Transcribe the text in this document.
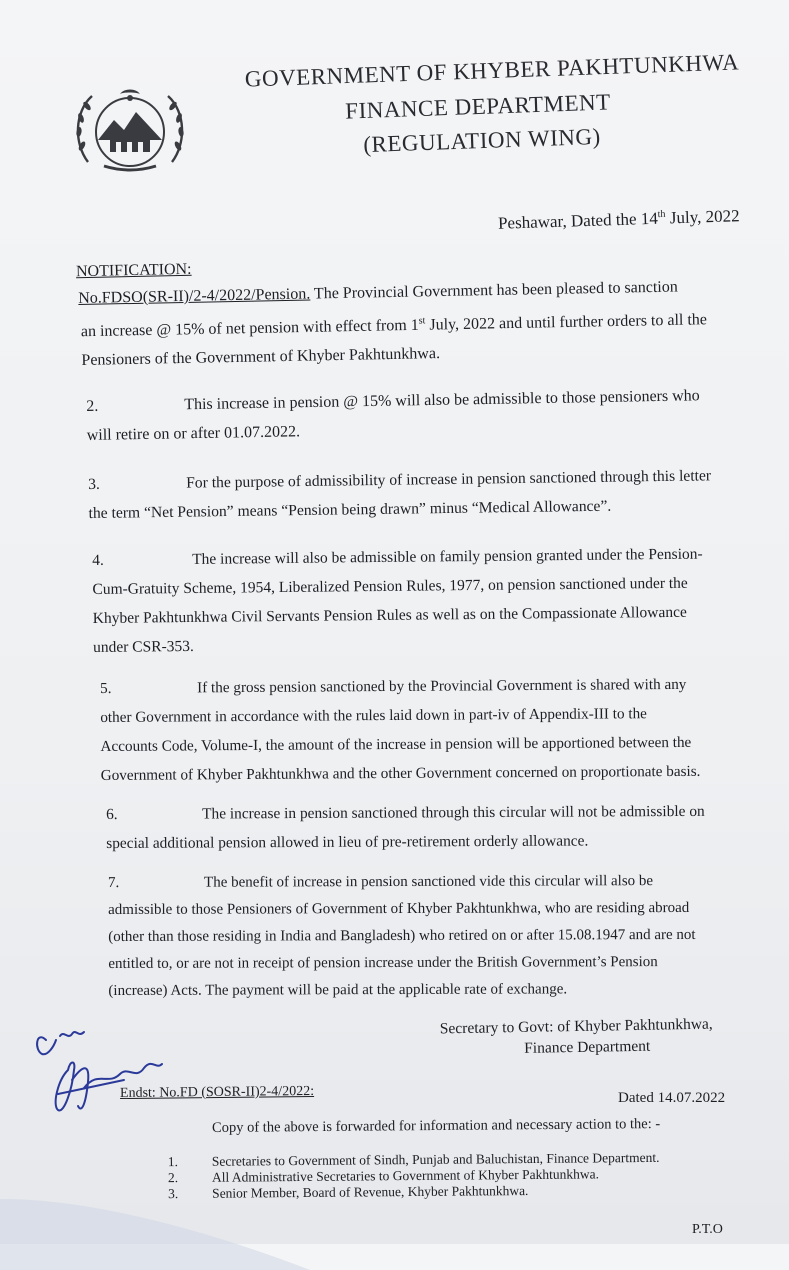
GOVERNMENT OF KHYBER PAKHTUNKHWA
FINANCE DEPARTMENT
(REGULATION WING)
Peshawar, Dated the 14th July, 2022
NOTIFICATION:
No.FDSO(SR-II)/2-4/2022/Pension. The Provincial Government has been pleased to sanction
an increase @ 15% of net pension with effect from 1st July, 2022 and until further orders to all the
Pensioners of the Government of Khyber Pakhtunkhwa.
2.	This increase in pension @ 15% will also be admissible to those pensioners who
will retire on or after 01.07.2022.
3.	For the purpose of admissibility of increase in pension sanctioned through this letter
the term “Net Pension” means “Pension being drawn” minus “Medical Allowance”.
4.	The increase will also be admissible on family pension granted under the Pension-
Cum-Gratuity Scheme, 1954, Liberalized Pension Rules, 1977, on pension sanctioned under the
Khyber Pakhtunkhwa Civil Servants Pension Rules as well as on the Compassionate Allowance
under CSR-353.
5.	If the gross pension sanctioned by the Provincial Government is shared with any
other Government in accordance with the rules laid down in part-iv of Appendix-III to the
Accounts Code, Volume-I, the amount of the increase in pension will be apportioned between the
Government of Khyber Pakhtunkhwa and the other Government concerned on proportionate basis.
6.	The increase in pension sanctioned through this circular will not be admissible on
special additional pension allowed in lieu of pre-retirement orderly allowance.
7.	The benefit of increase in pension sanctioned vide this circular will also be
admissible to those Pensioners of Government of Khyber Pakhtunkhwa, who are residing abroad
(other than those residing in India and Bangladesh) who retired on or after 15.08.1947 and are not
entitled to, or are not in receipt of pension increase under the British Government’s Pension
(increase) Acts. The payment will be paid at the applicable rate of exchange.
Secretary to Govt: of Khyber Pakhtunkhwa,
Finance Department
Endst: No.FD (SOSR-II)2-4/2022:	Dated 14.07.2022
Copy of the above is forwarded for information and necessary action to the: -
1. Secretaries to Government of Sindh, Punjab and Baluchistan, Finance Department.
2. All Administrative Secretaries to Government of Khyber Pakhtunkhwa.
3. Senior Member, Board of Revenue, Khyber Pakhtunkhwa.
P.T.O
